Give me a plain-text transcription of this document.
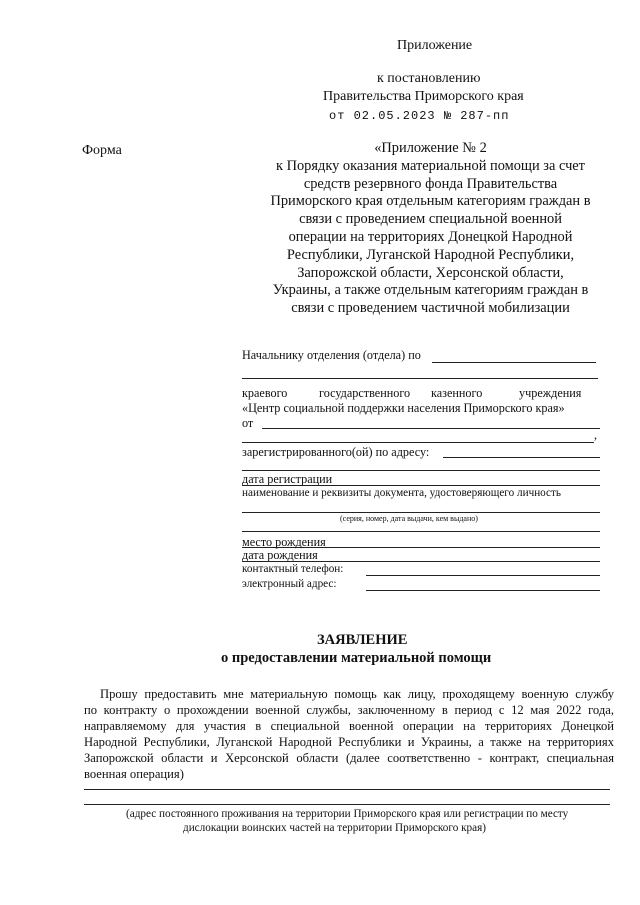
Приложение
к постановлению
Правительства Приморского края
от 02.05.2023 № 287-пп
Форма	«Приложение № 2
к Порядку оказания материальной помощи за счет
средств резервного фонда Правительства
Приморского края отдельным категориям граждан в
связи с проведением специальной военной
операции на территориях Донецкой Народной
Республики, Луганской Народной Республики,
Запорожской области, Херсонской области,
Украины, а также отдельным категориям граждан в
связи с проведением частичной мобилизации
Начальнику отделения (отдела) по
краевого	государственного казенного	учреждения
«Центр социальной поддержки населения Приморского края»
от
,
зарегистрированного(ой) по адресу:
дата регистрации
наименование и реквизиты документа, удостоверяющего личность
(серия, номер, дата выдачи, кем выдано)
место рождения
дата рождения
контактный телефон:
электронный адрес:
ЗАЯВЛЕНИЕ
о предоставлении материальной помощи
Прошу предоставить мне материальную помощь как лицу, проходящему военную службу
по контракту о прохождении военной службы, заключенному в период с 12 мая 2022 года,
направляемому для участия в специальной военной операции на территориях Донецкой
Народной Республики, Луганской Народной Республики и Украины, а также на территориях
Запорожской области и Херсонской области (далее соответственно - контракт, специальная
военная операция)
(адрес постоянного проживания на территории Приморского края или регистрации по месту
дислокации воинских частей на территории Приморского края)
